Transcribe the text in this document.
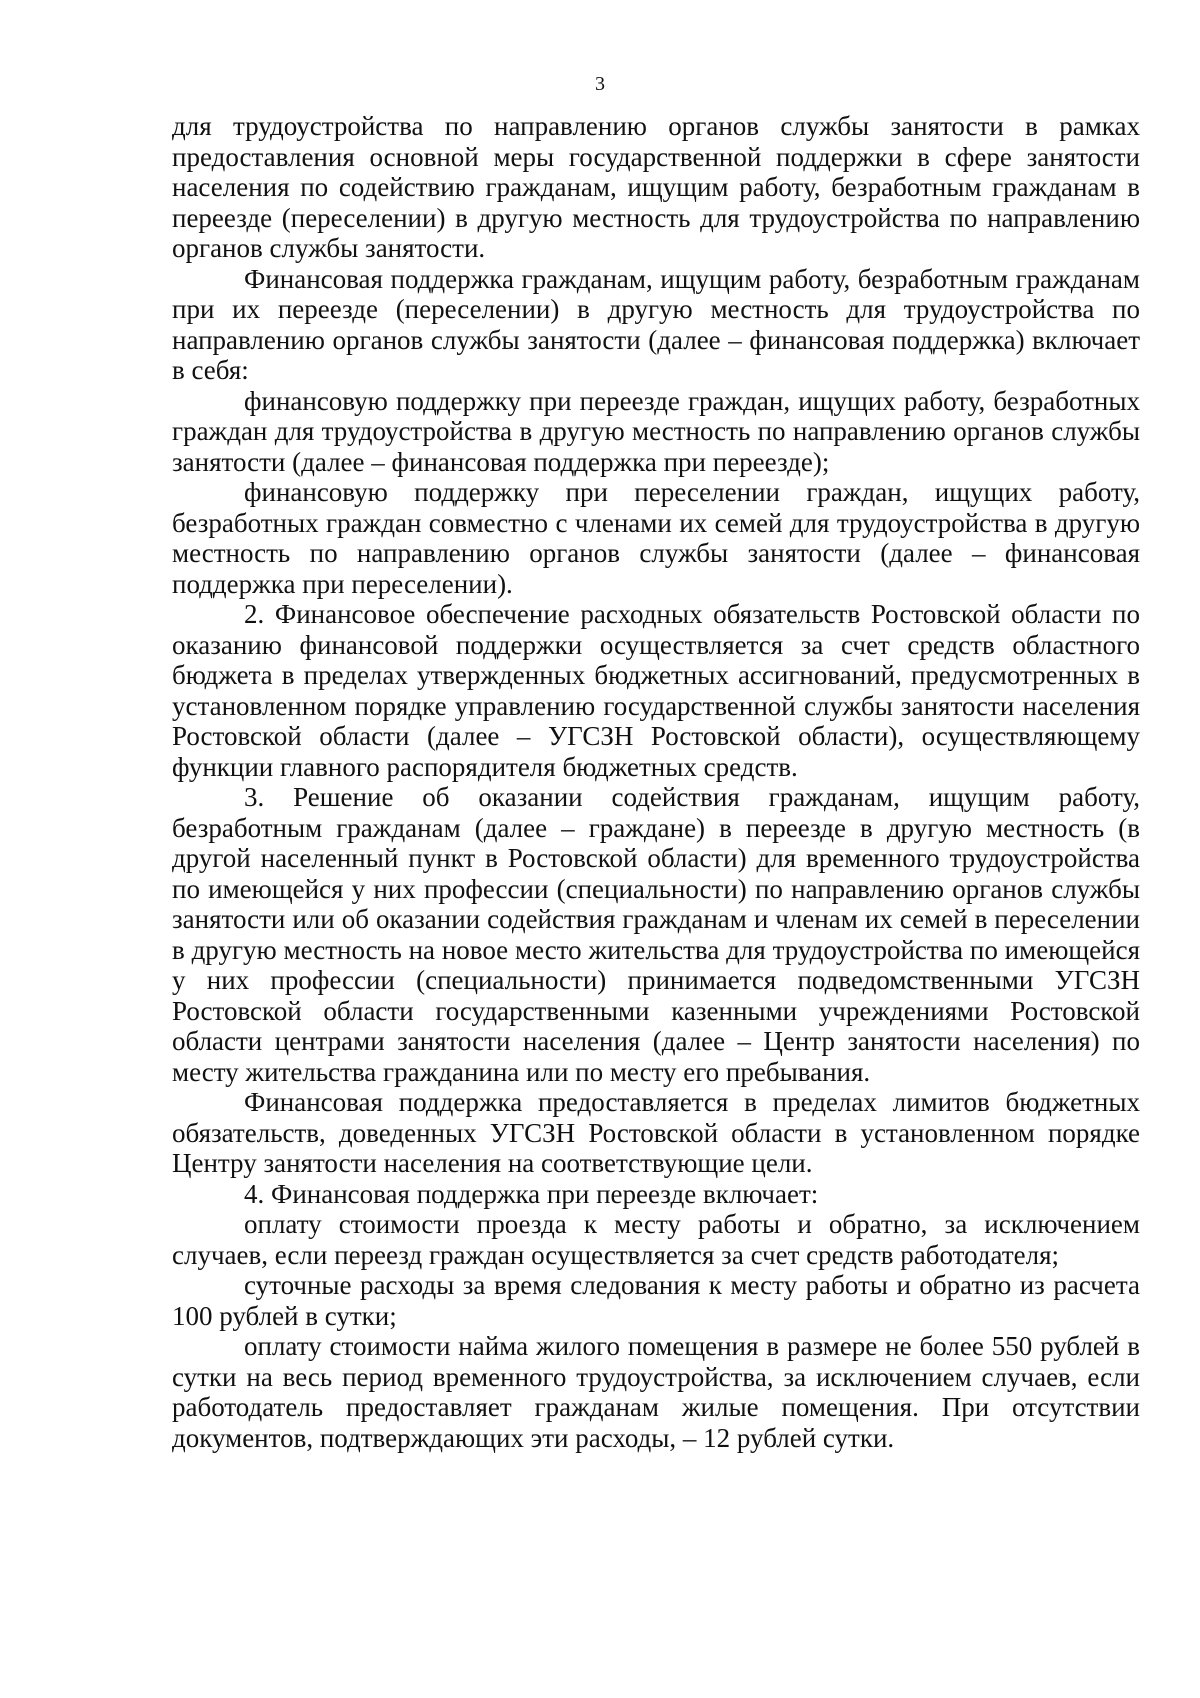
3

для трудоустройства по направлению органов службы занятости в рамках предоставления основной меры государственной поддержки в сфере занятости населения по содействию гражданам, ищущим работу, безработным гражданам в переезде (переселении) в другую местность для трудоустройства по направлению органов службы занятости.

Финансовая поддержка гражданам, ищущим работу, безработным гражданам при их переезде (переселении) в другую местность для трудоустройства по направлению органов службы занятости (далее – финансовая поддержка) включает в себя:

финансовую поддержку при переезде граждан, ищущих работу, безработных граждан для трудоустройства в другую местность по направлению органов службы занятости (далее – финансовая поддержка при переезде);

финансовую поддержку при переселении граждан, ищущих работу, безработных граждан совместно с членами их семей для трудоустройства в другую местность по направлению органов службы занятости (далее – финансовая поддержка при переселении).

2. Финансовое обеспечение расходных обязательств Ростовской области по оказанию финансовой поддержки осуществляется за счет средств областного бюджета в пределах утвержденных бюджетных ассигнований, предусмотренных в установленном порядке управлению государственной службы занятости населения Ростовской области (далее – УГСЗН Ростовской области), осуществляющему функции главного распорядителя бюджетных средств.

3. Решение об оказании содействия гражданам, ищущим работу, безработным гражданам (далее – граждане) в переезде в другую местность (в другой населенный пункт в Ростовской области) для временного трудоустройства по имеющейся у них профессии (специальности) по направлению органов службы занятости или об оказании содействия гражданам и членам их семей в переселении в другую местность на новое место жительства для трудоустройства по имеющейся у них профессии (специальности) принимается подведомственными УГСЗН Ростовской области государственными казенными учреждениями Ростовской области центрами занятости населения (далее – Центр занятости населения) по месту жительства гражданина или по месту его пребывания.

Финансовая поддержка предоставляется в пределах лимитов бюджетных обязательств, доведенных УГСЗН Ростовской области в установленном порядке Центру занятости населения на соответствующие цели.

4. Финансовая поддержка при переезде включает:

оплату стоимости проезда к месту работы и обратно, за исключением случаев, если переезд граждан осуществляется за счет средств работодателя;

суточные расходы за время следования к месту работы и обратно из расчета 100 рублей в сутки;

оплату стоимости найма жилого помещения в размере не более 550 рублей в сутки на весь период временного трудоустройства, за исключением случаев, если работодатель предоставляет гражданам жилые помещения. При отсутствии документов, подтверждающих эти расходы, – 12 рублей сутки.
